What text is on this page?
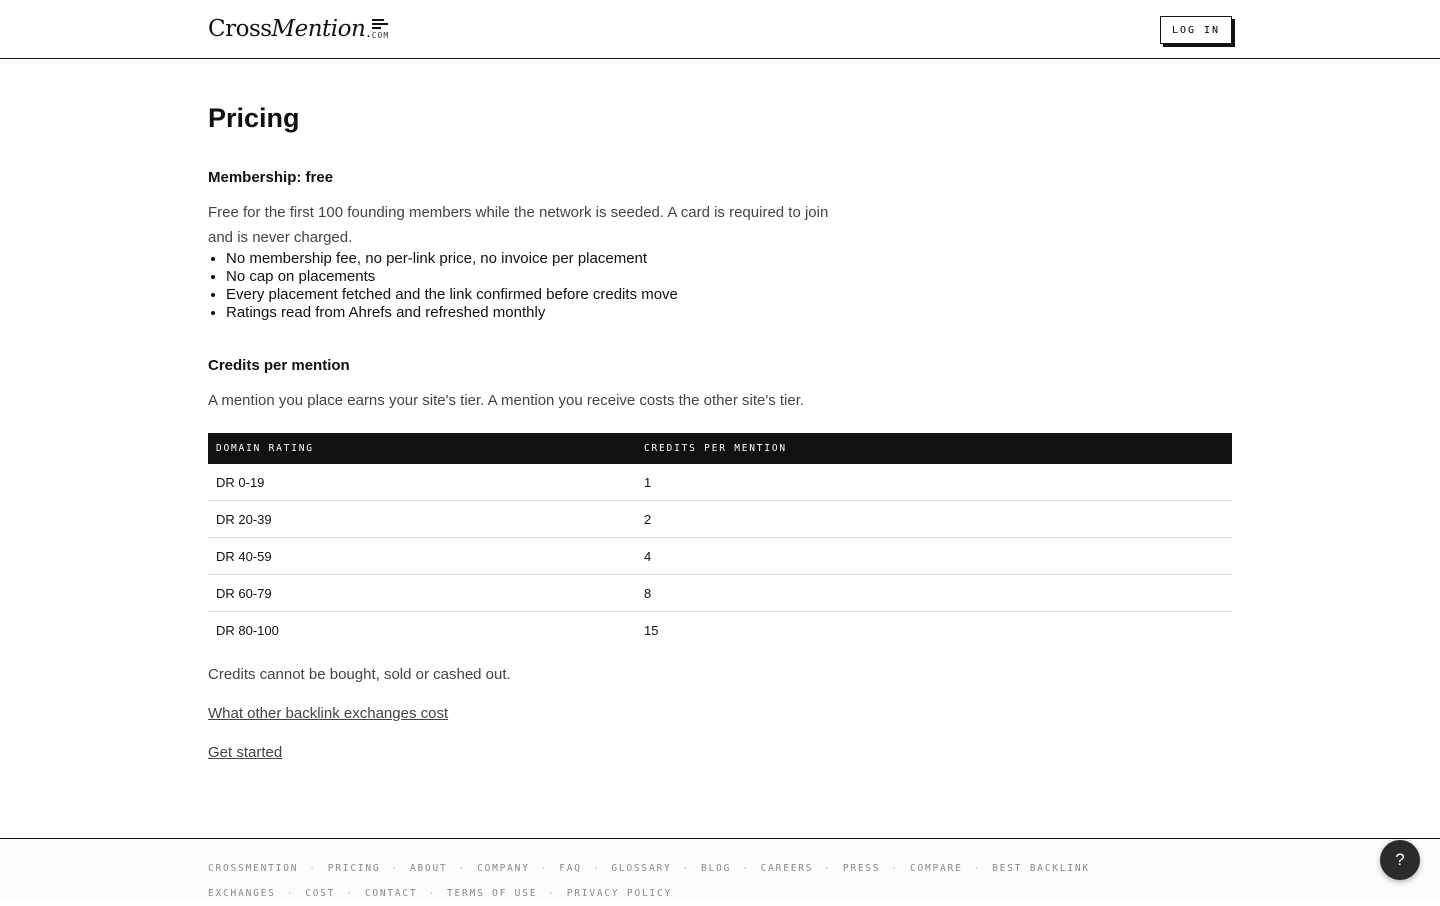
Cross Mention . COM	LOG IN
Pricing
Membership: free

Free for the first 100 founding members while the network is seeded. A card is required to join and is never charged.

• No membership fee, no per-link price, no invoice per placement
• No cap on placements
• Every placement fetched and the link confirmed before credits move
• Ratings read from Ahrefs and refreshed monthly
Credits per mention

A mention you place earns your site's tier. A mention you receive costs the other site's tier.

DOMAIN RATING	CREDITS PER MENTION
DR 0-19	1
DR 20-39	2
DR 40-59	4
DR 60-79	8
DR 80-100	15

Credits cannot be bought, sold or cashed out.

What other backlink exchanges cost
Get started
CROSSMENTION · PRICING · ABOUT · COMPANY · FAQ · GLOSSARY · BLOG · CAREERS · PRESS · COMPARE · BEST BACKLINK EXCHANGES · COST · CONTACT · TERMS OF USE · PRIVACY POLICY
?
